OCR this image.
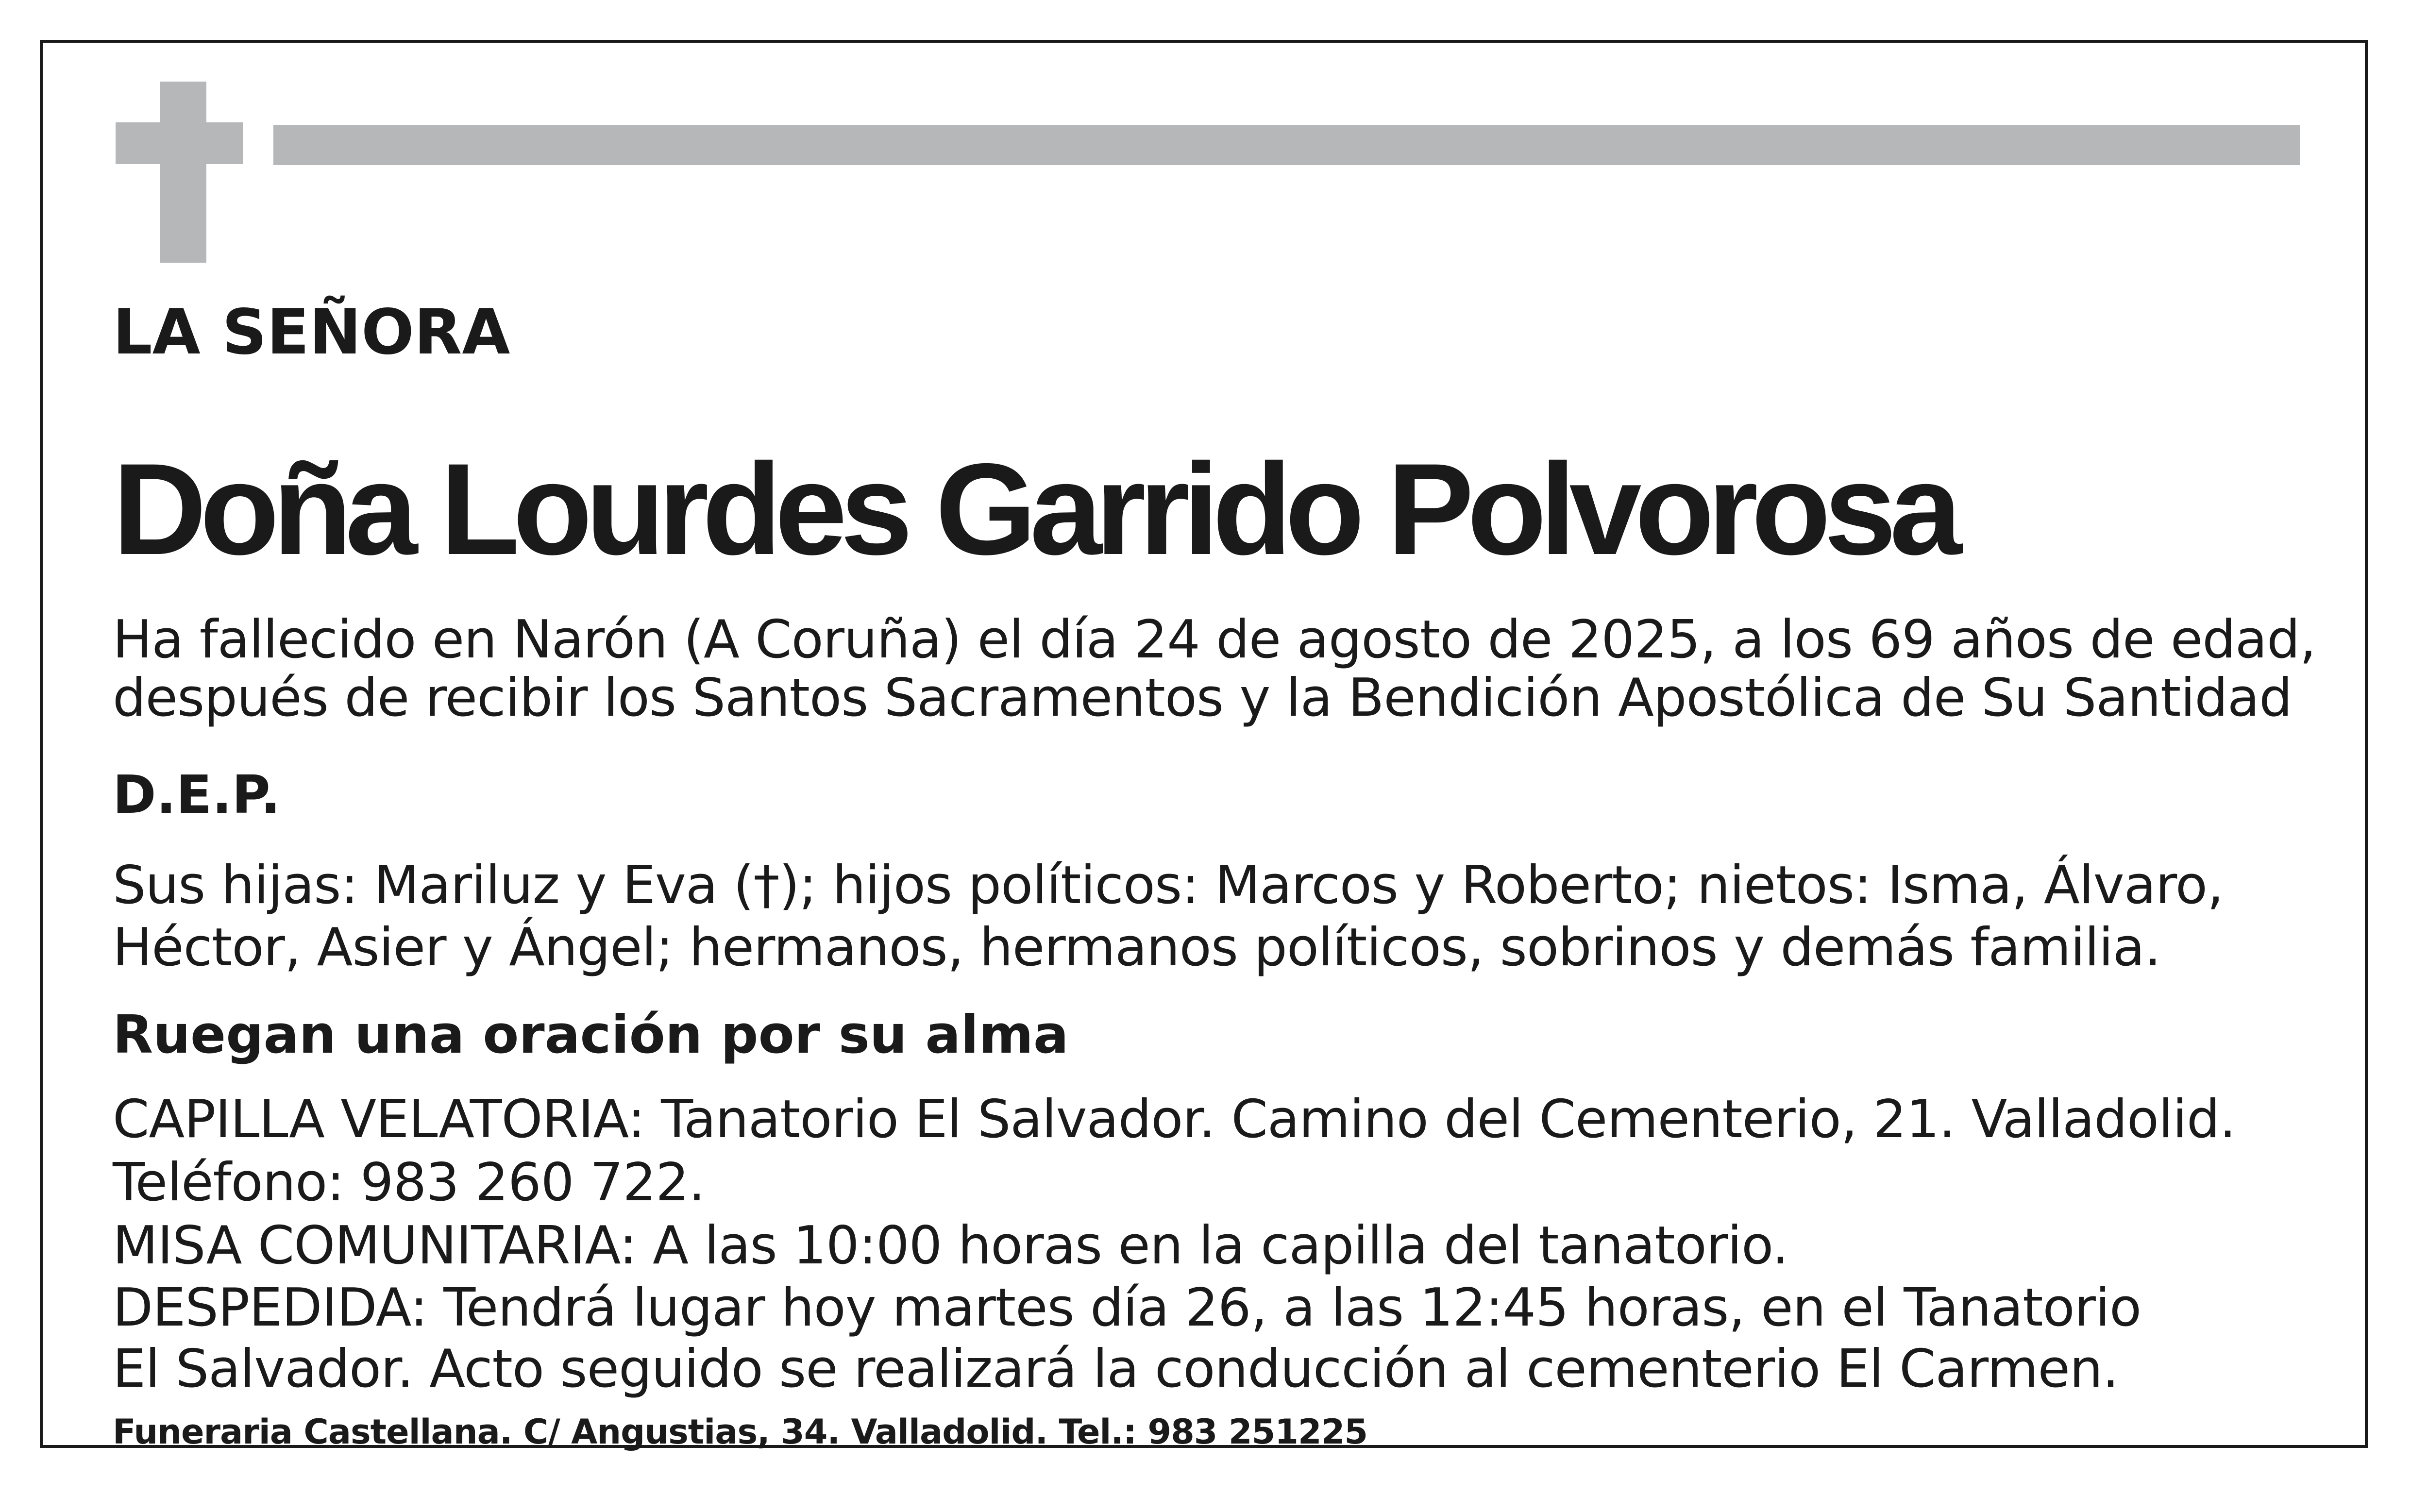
LA SEÑORA

Doña Lourdes Garrido Polvorosa

Ha fallecido en Narón (A Coruña) el día 24 de agosto de 2025, a los 69 años de edad,

después de recibir los Santos Sacramentos y la Bendición Apostólica de Su Santidad

D.E.P.

Sus hijas: Mariluz y Eva (†); hijos políticos: Marcos y Roberto; nietos: Isma, Álvaro,

Héctor, Asier y Ángel; hermanos, hermanos políticos, sobrinos y demás familia.

Ruegan una oración por su alma

CAPILLA VELATORIA: Tanatorio El Salvador. Camino del Cementerio, 21. Valladolid.

Teléfono: 983 260 722.

MISA COMUNITARIA: A las 10:00 horas en la capilla del tanatorio.

DESPEDIDA: Tendrá lugar hoy martes día 26, a las 12:45 horas, en el Tanatorio

El Salvador. Acto seguido se realizará la conducción al cementerio El Carmen.

Funeraria Castellana. C/ Angustias, 34. Valladolid. Tel.: 983 251225
